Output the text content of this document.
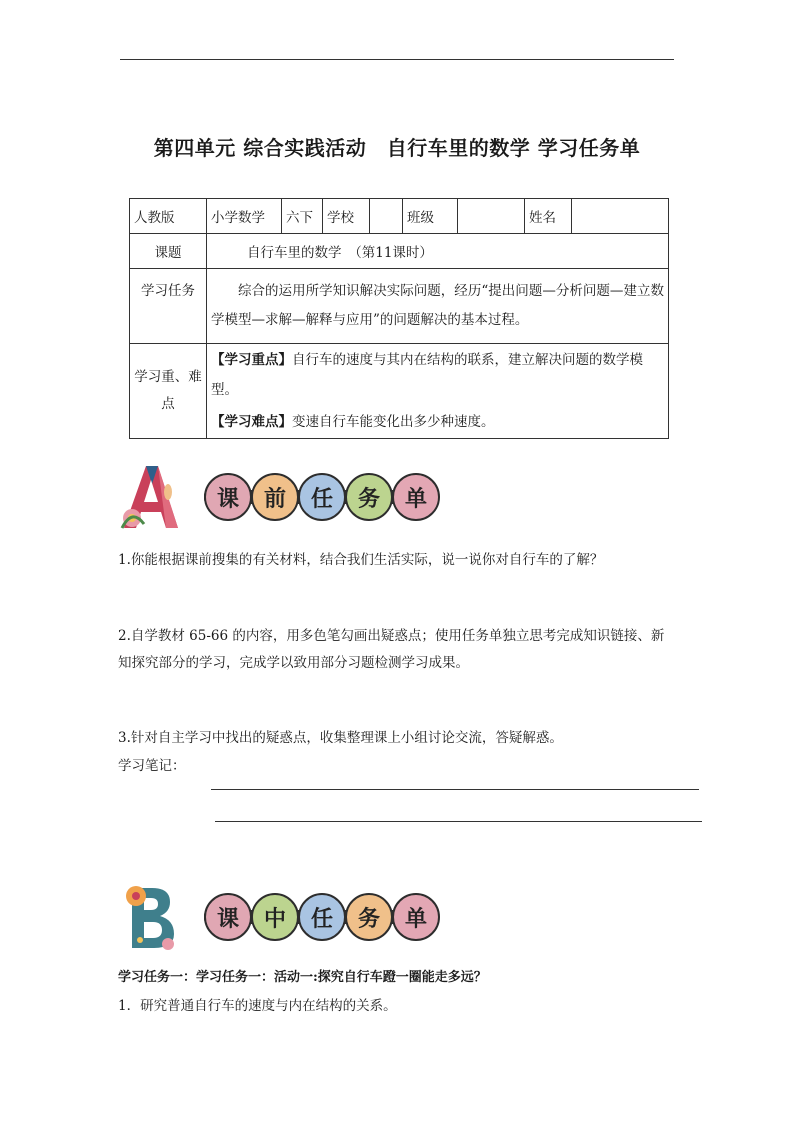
第四单元 综合实践活动　自行车里的数学 学习任务单
人教版	小学数学	六下	学校		班级		姓名	
课题	自行车里的数学　（第11课时）							
学习任务	综合的运用所学知识解决实际问题，经历“提出问题—分析问题—建立数学模型—求解—解释与应用”的问题解决的基本过程。							
学习重、难点	【学习重点】自行车的速度与其内在结构的联系，建立解决问题的数学模型。
【学习难点】变速自行车能变化出多少种速度。							
课	前	任	务	单
1.你能根据课前搜集的有关材料，结合我们生活实际，说一说你对自行车的了解？
2.自学教材 65-66 的内容，用多色笔勾画出疑惑点；使用任务单独立思考完成知识链接、新
知探究部分的学习，完成学以致用部分习题检测学习成果。
3.针对自主学习中找出的疑惑点，收集整理课上小组讨论交流，答疑解惑。
学习笔记：
课	中	任	务	单
学习任务一：学习任务一：活动一:探究自行车蹬一圈能走多远？
1．研究普通自行车的速度与内在结构的关系。
